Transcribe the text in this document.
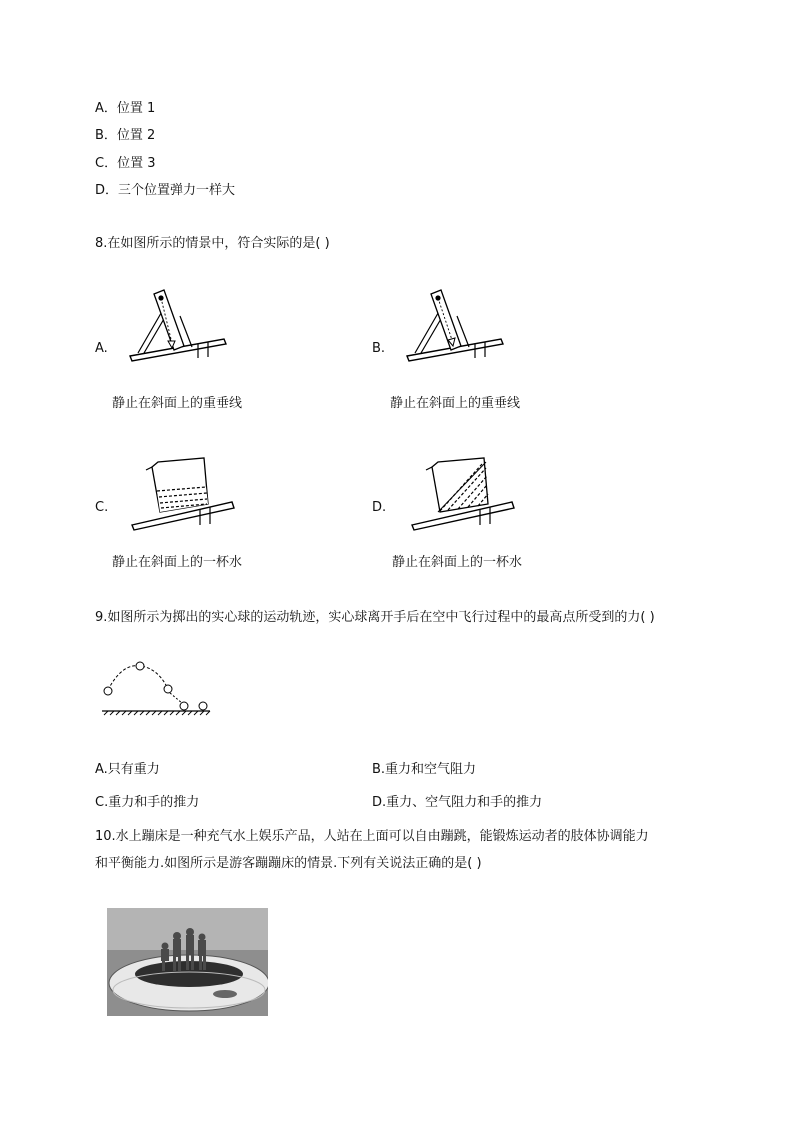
A．位置 1
B．位置 2
C．位置 3
D．三个位置弹力一样大
8.在如图所示的情景中，符合实际的是( )
A.
静止在斜面上的重垂线
B.
静止在斜面上的重垂线
C.
静止在斜面上的一杯水
D.
静止在斜面上的一杯水
9.如图所示为掷出的实心球的运动轨迹，实心球离开手后在空中飞行过程中的最高点所受到的力( )
A.只有重力	B.重力和空气阻力
C.重力和手的推力	D.重力、空气阻力和手的推力
10.水上蹦床是一种充气水上娱乐产品，人站在上面可以自由蹦跳，能锻炼运动者的肢体协调能力
和平衡能力.如图所示是游客蹦蹦床的情景.下列有关说法正确的是( )
